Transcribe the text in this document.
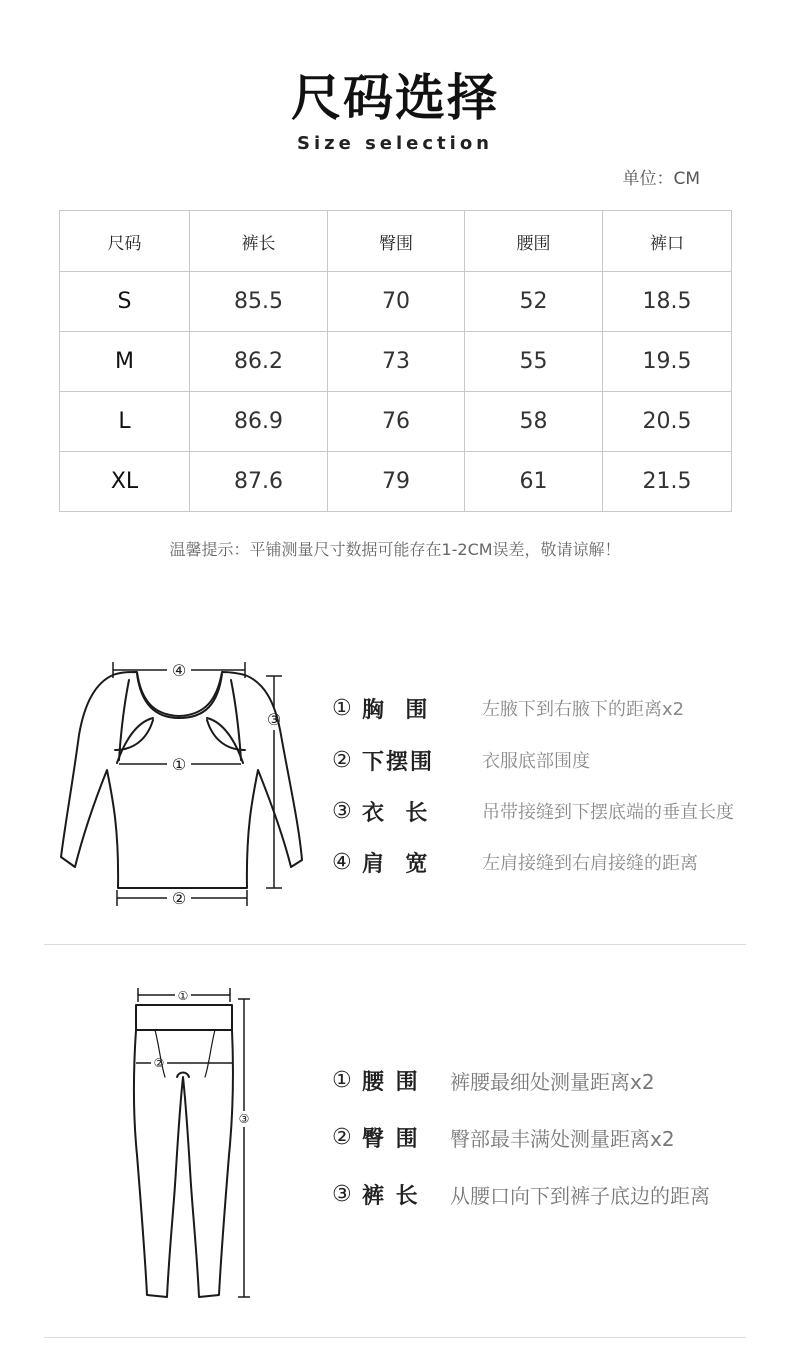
尺码选择
Size selection
单位：CM
尺码	裤长	臀围	腰围	裤口
S	85.5	70	52	18.5
M	86.2	73	55	19.5
L	86.9	76	58	20.5
XL	87.6	79	61	21.5
温馨提示：平铺测量尺寸数据可能存在1-2CM误差，敬请谅解！
④
①
②
③ ① 胸  围	左腋下到右腋下的距离x2
② 下摆围	衣服底部围度
③ 衣  长	吊带接缝到下摆底端的垂直长度
④ 肩  宽	左肩接缝到右肩接缝的距离
①
②
③
① 腰 围	裤腰最细处测量距离x2
② 臀 围	臀部最丰满处测量距离x2
③ 裤 长	从腰口向下到裤子底边的距离
